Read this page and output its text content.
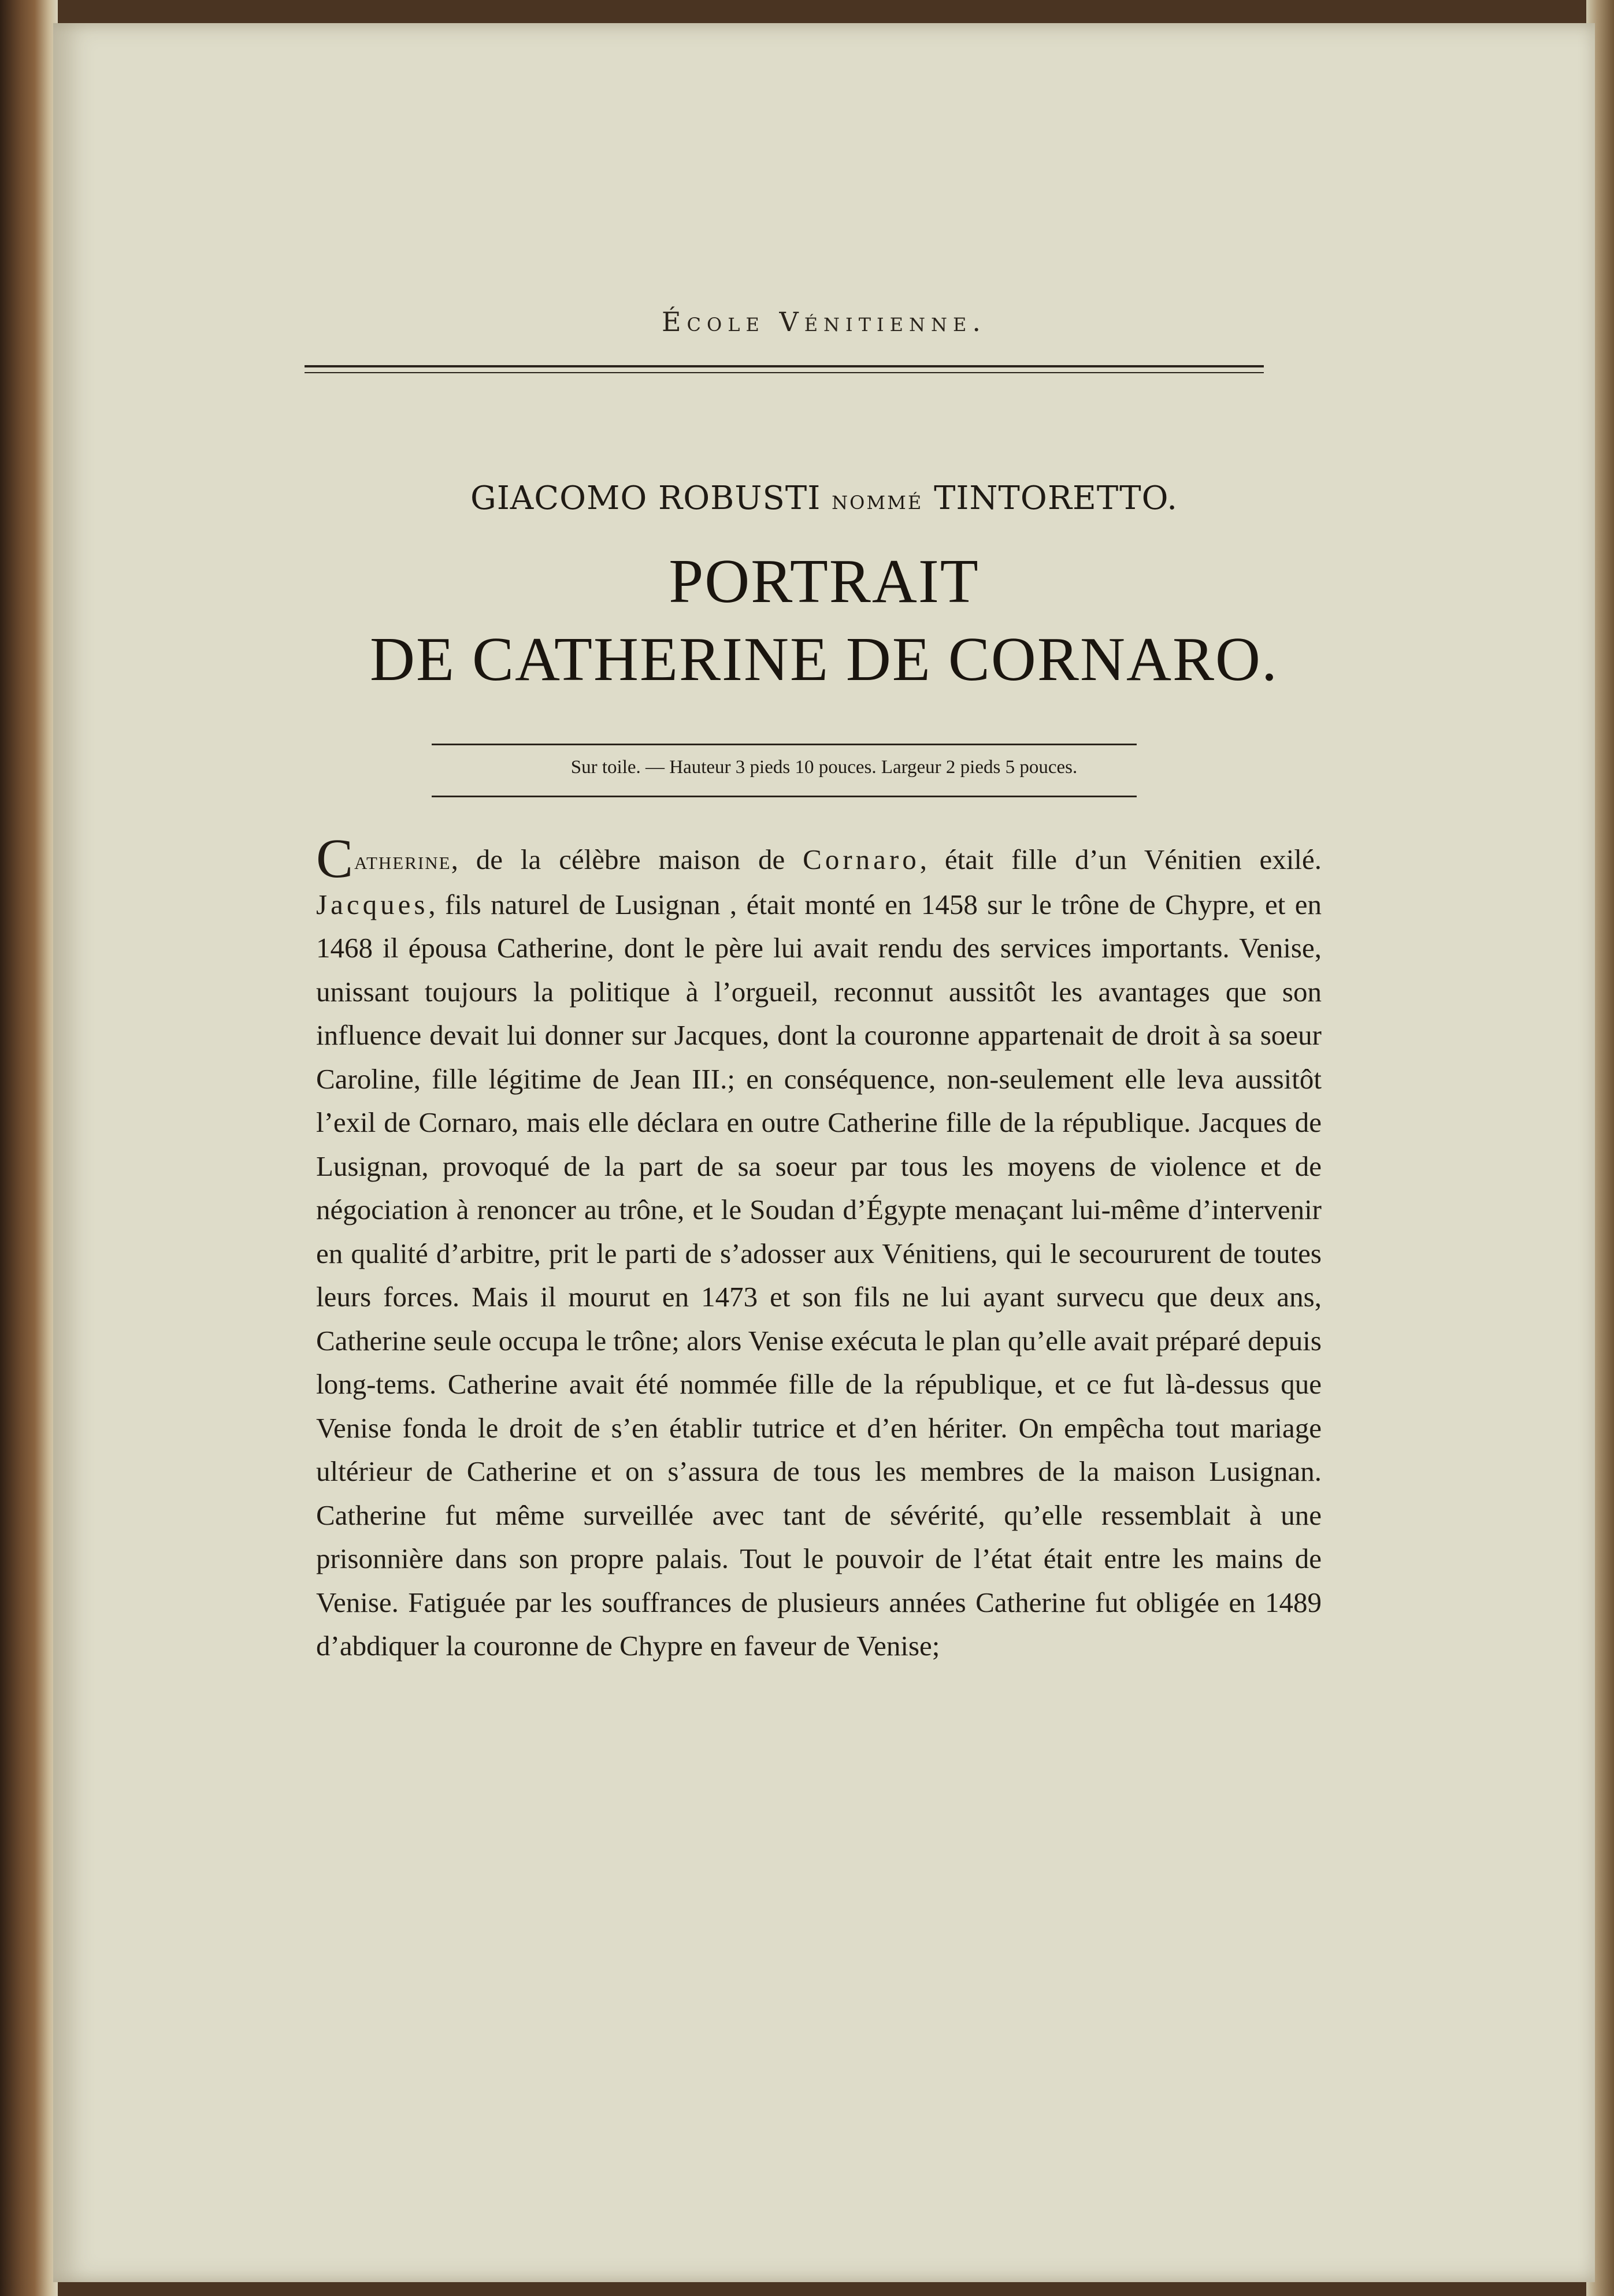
École Vénitienne.
GIACOMO ROBUSTI NOMMÉ TINTORETTO.
PORTRAIT
DE CATHERINE DE CORNARO.
Sur toile. — Hauteur 3 pieds 10 pouces. Largeur 2 pieds 5 pouces.
Catherine, de la célèbre maison de Cornaro, était fille d’un Vénitien exilé. Jacques, fils naturel de Lusignan , était monté en 1458 sur le trône de Chypre, et en 1468 il épousa Catherine, dont le père lui avait rendu des services importants. Venise, unissant toujours la politique à l’orgueil, reconnut aussitôt les avantages que son influence devait lui donner sur Jacques, dont la couronne appartenait de droit à sa soeur Caroline, fille légitime de Jean III.; en conséquence, non-seulement elle leva aussitôt l’exil de Cornaro, mais elle déclara en outre Catherine fille de la république. Jacques de Lusignan, provoqué de la part de sa soeur par tous les moyens de violence et de négociation à renoncer au trône, et le Soudan d’Égypte menaçant lui-même d’intervenir en qualité d’arbitre, prit le parti de s’adosser aux Vénitiens, qui le secoururent de toutes leurs forces. Mais il mourut en 1473 et son fils ne lui ayant survecu que deux ans, Catherine seule occupa le trône; alors Venise exécuta le plan qu’elle avait préparé depuis long-tems. Catherine avait été nommée fille de la république, et ce fut là-dessus que Venise fonda le droit de s’en établir tutrice et d’en hériter. On empêcha tout mariage ultérieur de Catherine et on s’assura de tous les membres de la maison Lusignan. Catherine fut même surveillée avec tant de sévérité, qu’elle ressemblait à une prisonnière dans son propre palais. Tout le pouvoir de l’état était entre les mains de Venise. Fatiguée par les souffrances de plusieurs années Catherine fut obligée en 1489 d’abdiquer la couronne de Chypre en faveur de Venise;
